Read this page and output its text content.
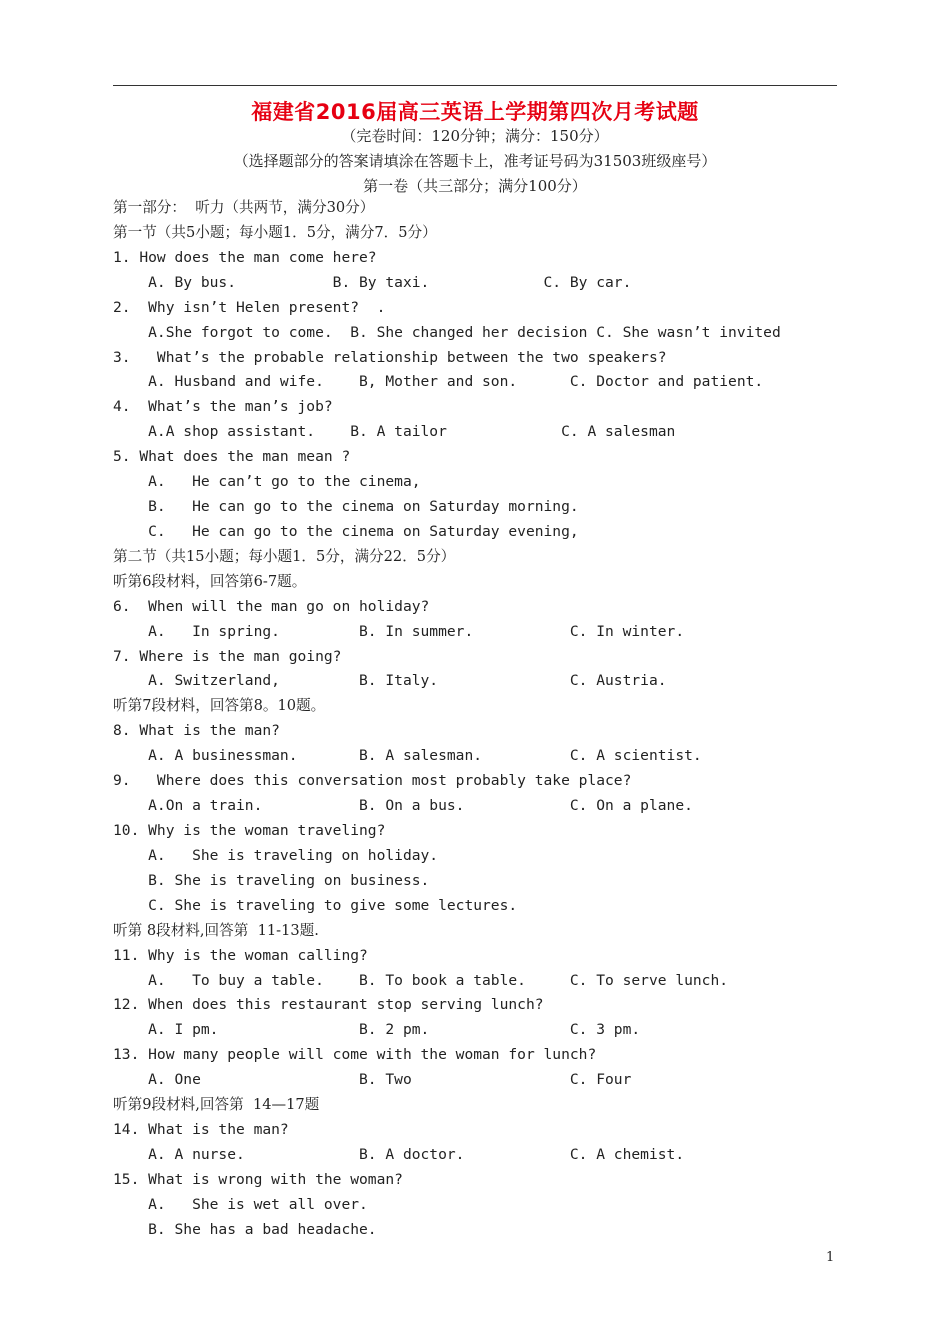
福建省2016届高三英语上学期第四次月考试题
（完卷时间：120分钟；满分：150分）
（选择题部分的答案请填涂在答题卡上，准考证号码为31503班级座号）
第一卷（共三部分；满分100分）
第一部分：  听力（共两节，满分30分）
第一节（共5小题；每小题1．5分，满分7．5分）
1. How does the man come here?
A. By bus.           B. By taxi.             C. By car.
2.  Why isn’t Helen present?  .
A.She forgot to come.  B. She changed her decision C. She wasn’t invited
3.   What’s the probable relationship between the two speakers?
A. Husband and wife.    B, Mother and son.      C. Doctor and patient.
4.  What’s the man’s job?
A.A shop assistant.    B. A tailor             C. A salesman
5. What does the man mean ?
A.   He can’t go to the cinema,
B.   He can go to the cinema on Saturday morning.
C.   He can go to the cinema on Saturday evening,
第二节（共15小题；每小题1．5分，满分22．5分）
听第6段材料，回答第6-7题。
6.  When will the man go on holiday?
A.   In spring.         B. In summer.           C. In winter.
7. Where is the man going?
A. Switzerland,         B. Italy.               C. Austria.
听第7段材料，回答第8。10题。
8. What is the man?
A. A businessman.       B. A salesman.          C. A scientist.
9.   Where does this conversation most probably take place?
A.On a train.           B. On a bus.            C. On a plane.
10. Why is the woman traveling?
A.   She is traveling on holiday.
B. She is traveling on business.
C. She is traveling to give some lectures.
听第 8段材料,回答第  11-13题.
11. Why is the woman calling?
A.   To buy a table.    B. To book a table.     C. To serve lunch.
12. When does this restaurant stop serving lunch?
A. I pm.                B. 2 pm.                C. 3 pm.
13. How many people will come with the woman for lunch?
A. One                  B. Two                  C. Four
听第9段材料,回答第  14—17题
14. What is the man?
A. A nurse.             B. A doctor.            C. A chemist.
15. What is wrong with the woman?
A.   She is wet all over.
B. She has a bad headache.
1
